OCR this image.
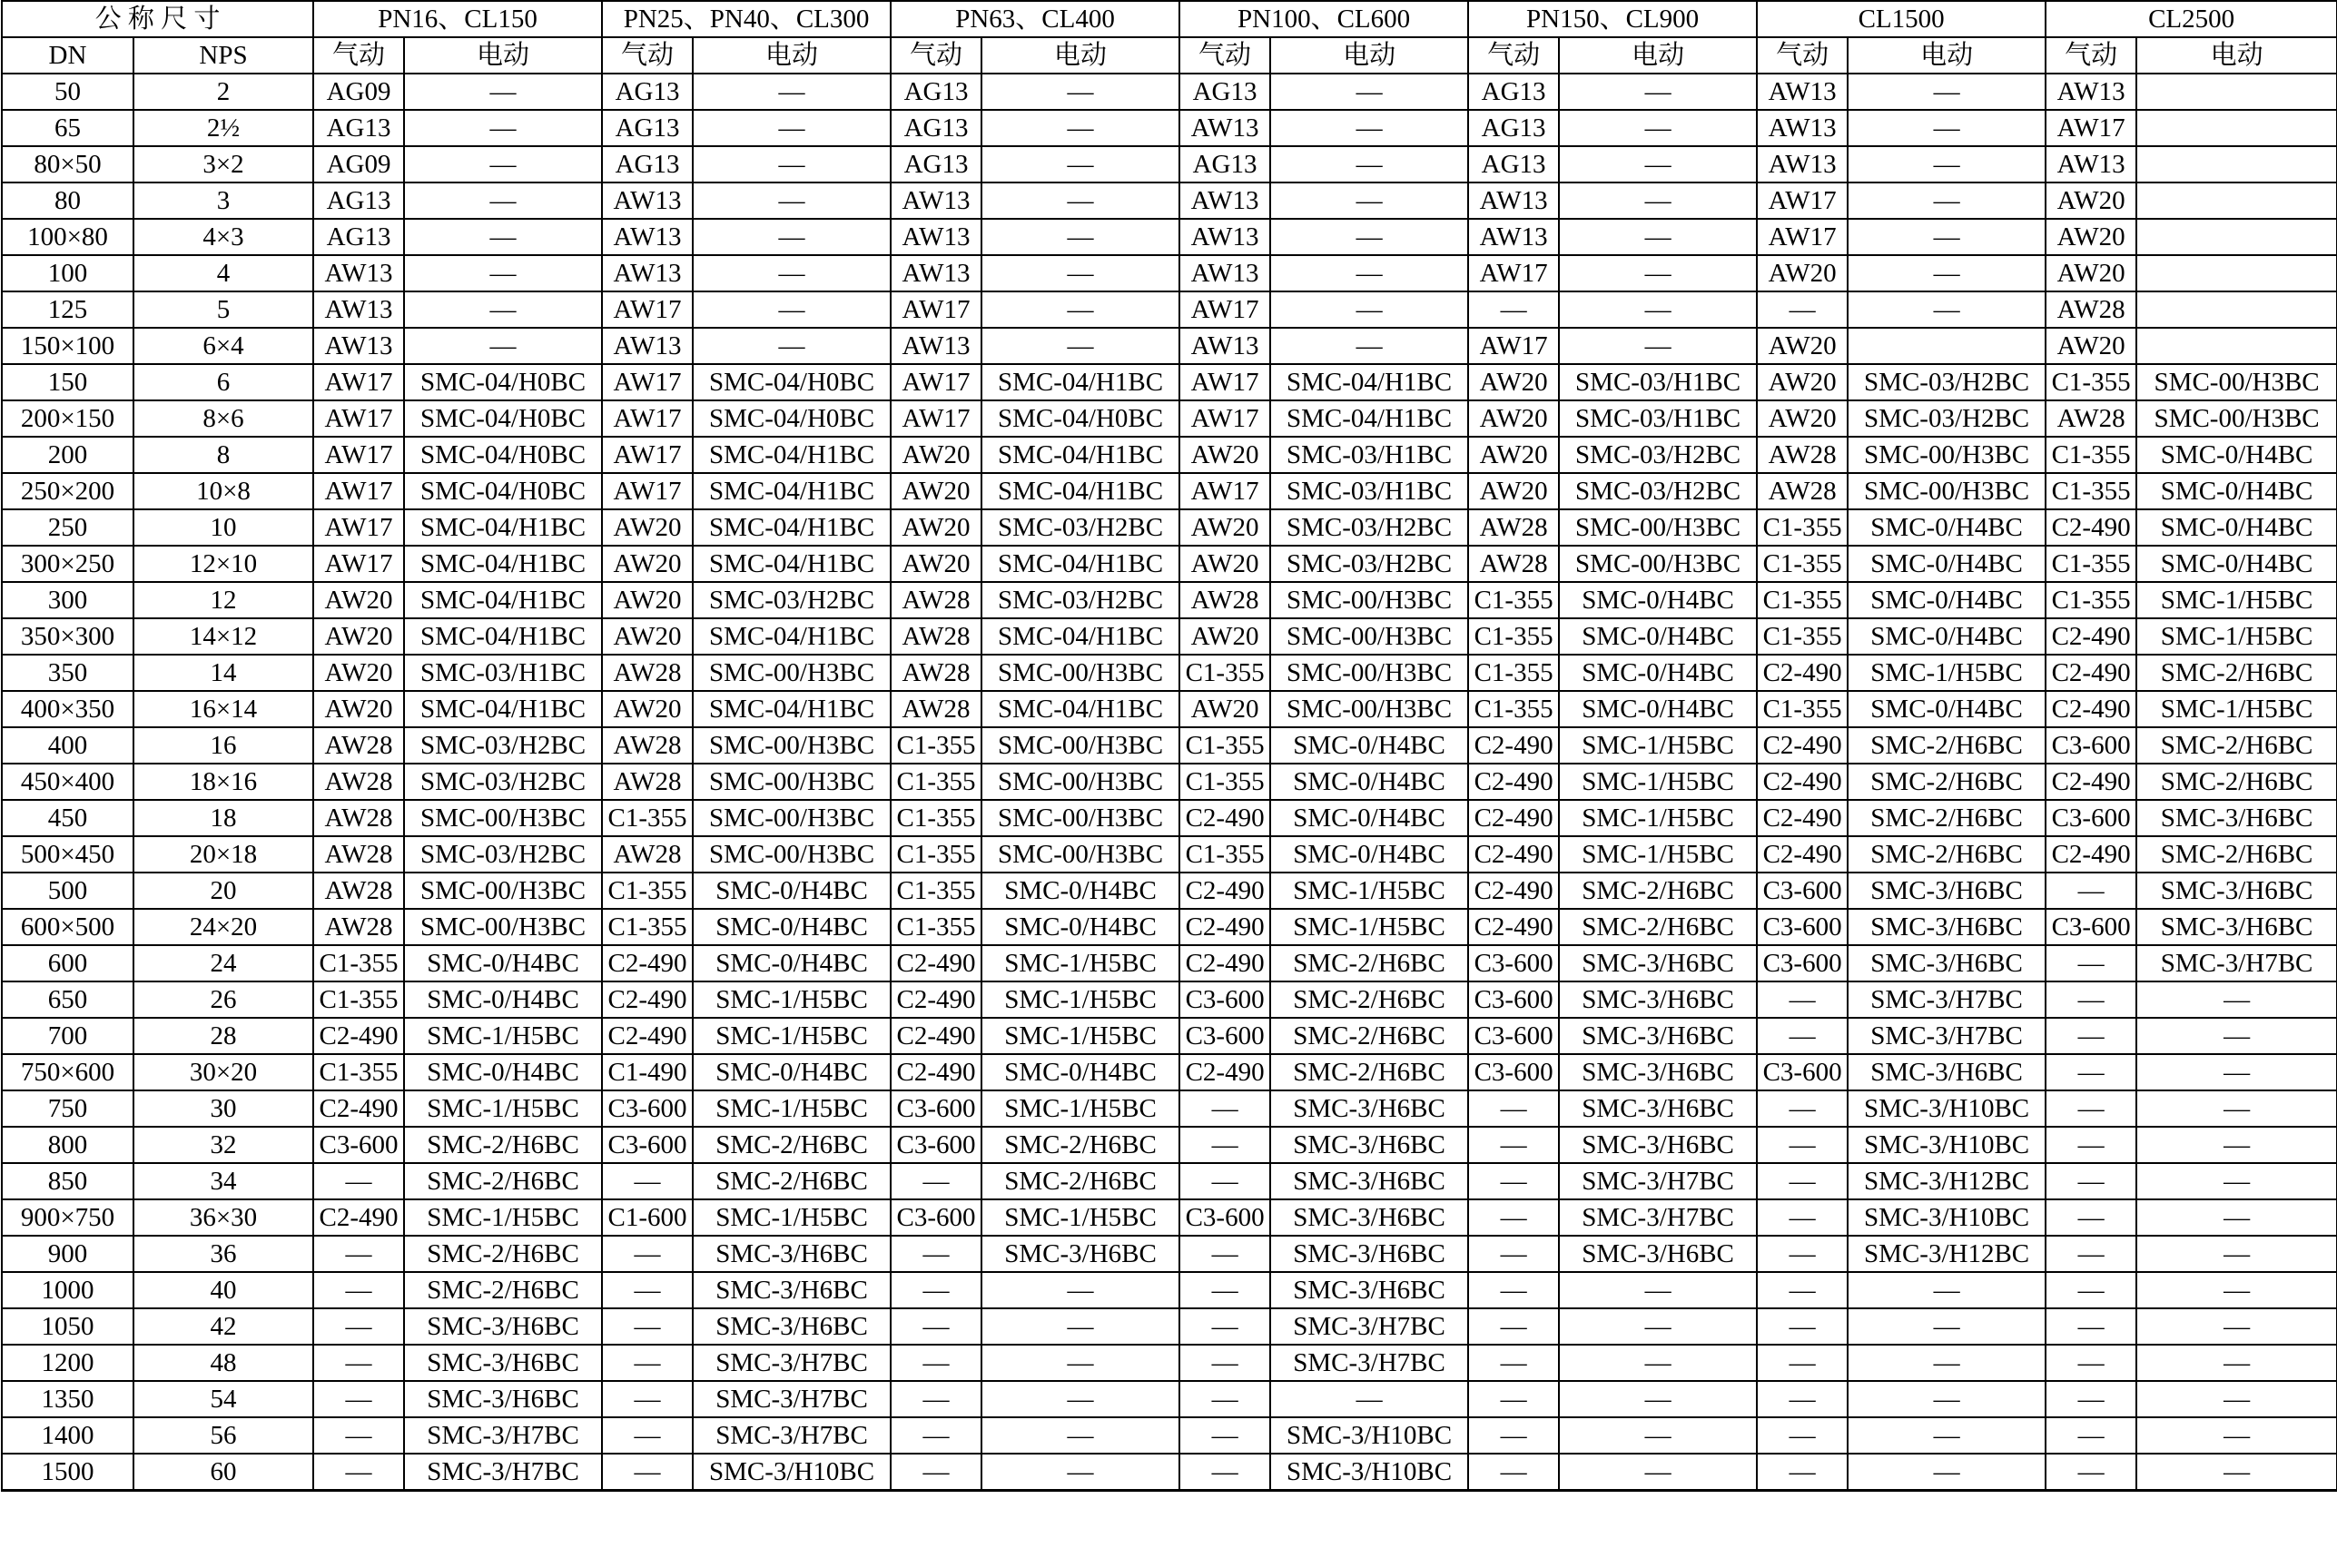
公 称 尺 寸		PN16、CL150		PN25、PN40、CL300		PN63、CL400		PN100、CL600		PN150、CL900		CL1500		CL2500	
DN	NPS	气动	电动	气动	电动	气动	电动	气动	电动	气动	电动	气动	电动	气动	电动
50	2	AG09	—	AG13	—	AG13	—	AG13	—	AG13	—	AW13	—	AW13	
65	2½	AG13	—	AG13	—	AG13	—	AW13	—	AG13	—	AW13	—	AW17	
80×50	3×2	AG09	—	AG13	—	AG13	—	AG13	—	AG13	—	AW13	—	AW13	
80	3	AG13	—	AW13	—	AW13	—	AW13	—	AW13	—	AW17	—	AW20	
100×80	4×3	AG13	—	AW13	—	AW13	—	AW13	—	AW13	—	AW17	—	AW20	
100	4	AW13	—	AW13	—	AW13	—	AW13	—	AW17	—	AW20	—	AW20	
125	5	AW13	—	AW17	—	AW17	—	AW17	—	—	—	—	—	AW28	
150×100	6×4	AW13	—	AW13	—	AW13	—	AW13	—	AW17	—	AW20		AW20	
150	6	AW17	SMC-04/H0BC	AW17	SMC-04/H0BC	AW17	SMC-04/H1BC	AW17	SMC-04/H1BC	AW20	SMC-03/H1BC	AW20	SMC-03/H2BC	C1-355	SMC-00/H3BC
200×150	8×6	AW17	SMC-04/H0BC	AW17	SMC-04/H0BC	AW17	SMC-04/H0BC	AW17	SMC-04/H1BC	AW20	SMC-03/H1BC	AW20	SMC-03/H2BC	AW28	SMC-00/H3BC
200	8	AW17	SMC-04/H0BC	AW17	SMC-04/H1BC	AW20	SMC-04/H1BC	AW20	SMC-03/H1BC	AW20	SMC-03/H2BC	AW28	SMC-00/H3BC	C1-355	SMC-0/H4BC
250×200	10×8	AW17	SMC-04/H0BC	AW17	SMC-04/H1BC	AW20	SMC-04/H1BC	AW17	SMC-03/H1BC	AW20	SMC-03/H2BC	AW28	SMC-00/H3BC	C1-355	SMC-0/H4BC
250	10	AW17	SMC-04/H1BC	AW20	SMC-04/H1BC	AW20	SMC-03/H2BC	AW20	SMC-03/H2BC	AW28	SMC-00/H3BC	C1-355	SMC-0/H4BC	C2-490	SMC-0/H4BC
300×250	12×10	AW17	SMC-04/H1BC	AW20	SMC-04/H1BC	AW20	SMC-04/H1BC	AW20	SMC-03/H2BC	AW28	SMC-00/H3BC	C1-355	SMC-0/H4BC	C1-355	SMC-0/H4BC
300	12	AW20	SMC-04/H1BC	AW20	SMC-03/H2BC	AW28	SMC-03/H2BC	AW28	SMC-00/H3BC	C1-355	SMC-0/H4BC	C1-355	SMC-0/H4BC	C1-355	SMC-1/H5BC
350×300	14×12	AW20	SMC-04/H1BC	AW20	SMC-04/H1BC	AW28	SMC-04/H1BC	AW20	SMC-00/H3BC	C1-355	SMC-0/H4BC	C1-355	SMC-0/H4BC	C2-490	SMC-1/H5BC
350	14	AW20	SMC-03/H1BC	AW28	SMC-00/H3BC	AW28	SMC-00/H3BC	C1-355	SMC-00/H3BC	C1-355	SMC-0/H4BC	C2-490	SMC-1/H5BC	C2-490	SMC-2/H6BC
400×350	16×14	AW20	SMC-04/H1BC	AW20	SMC-04/H1BC	AW28	SMC-04/H1BC	AW20	SMC-00/H3BC	C1-355	SMC-0/H4BC	C1-355	SMC-0/H4BC	C2-490	SMC-1/H5BC
400	16	AW28	SMC-03/H2BC	AW28	SMC-00/H3BC	C1-355	SMC-00/H3BC	C1-355	SMC-0/H4BC	C2-490	SMC-1/H5BC	C2-490	SMC-2/H6BC	C3-600	SMC-2/H6BC
450×400	18×16	AW28	SMC-03/H2BC	AW28	SMC-00/H3BC	C1-355	SMC-00/H3BC	C1-355	SMC-0/H4BC	C2-490	SMC-1/H5BC	C2-490	SMC-2/H6BC	C2-490	SMC-2/H6BC
450	18	AW28	SMC-00/H3BC	C1-355	SMC-00/H3BC	C1-355	SMC-00/H3BC	C2-490	SMC-0/H4BC	C2-490	SMC-1/H5BC	C2-490	SMC-2/H6BC	C3-600	SMC-3/H6BC
500×450	20×18	AW28	SMC-03/H2BC	AW28	SMC-00/H3BC	C1-355	SMC-00/H3BC	C1-355	SMC-0/H4BC	C2-490	SMC-1/H5BC	C2-490	SMC-2/H6BC	C2-490	SMC-2/H6BC
500	20	AW28	SMC-00/H3BC	C1-355	SMC-0/H4BC	C1-355	SMC-0/H4BC	C2-490	SMC-1/H5BC	C2-490	SMC-2/H6BC	C3-600	SMC-3/H6BC	—	SMC-3/H6BC
600×500	24×20	AW28	SMC-00/H3BC	C1-355	SMC-0/H4BC	C1-355	SMC-0/H4BC	C2-490	SMC-1/H5BC	C2-490	SMC-2/H6BC	C3-600	SMC-3/H6BC	C3-600	SMC-3/H6BC
600	24	C1-355	SMC-0/H4BC	C2-490	SMC-0/H4BC	C2-490	SMC-1/H5BC	C2-490	SMC-2/H6BC	C3-600	SMC-3/H6BC	C3-600	SMC-3/H6BC	—	SMC-3/H7BC
650	26	C1-355	SMC-0/H4BC	C2-490	SMC-1/H5BC	C2-490	SMC-1/H5BC	C3-600	SMC-2/H6BC	C3-600	SMC-3/H6BC	—	SMC-3/H7BC	—	—
700	28	C2-490	SMC-1/H5BC	C2-490	SMC-1/H5BC	C2-490	SMC-1/H5BC	C3-600	SMC-2/H6BC	C3-600	SMC-3/H6BC	—	SMC-3/H7BC	—	—
750×600	30×20	C1-355	SMC-0/H4BC	C1-490	SMC-0/H4BC	C2-490	SMC-0/H4BC	C2-490	SMC-2/H6BC	C3-600	SMC-3/H6BC	C3-600	SMC-3/H6BC	—	—
750	30	C2-490	SMC-1/H5BC	C3-600	SMC-1/H5BC	C3-600	SMC-1/H5BC	—	SMC-3/H6BC	—	SMC-3/H6BC	—	SMC-3/H10BC	—	—
800	32	C3-600	SMC-2/H6BC	C3-600	SMC-2/H6BC	C3-600	SMC-2/H6BC	—	SMC-3/H6BC	—	SMC-3/H6BC	—	SMC-3/H10BC	—	—
850	34	—	SMC-2/H6BC	—	SMC-2/H6BC	—	SMC-2/H6BC	—	SMC-3/H6BC	—	SMC-3/H7BC	—	SMC-3/H12BC	—	—
900×750	36×30	C2-490	SMC-1/H5BC	C1-600	SMC-1/H5BC	C3-600	SMC-1/H5BC	C3-600	SMC-3/H6BC	—	SMC-3/H7BC	—	SMC-3/H10BC	—	—
900	36	—	SMC-2/H6BC	—	SMC-3/H6BC	—	SMC-3/H6BC	—	SMC-3/H6BC	—	SMC-3/H6BC	—	SMC-3/H12BC	—	—
1000	40	—	SMC-2/H6BC	—	SMC-3/H6BC	—	—	—	SMC-3/H6BC	—	—	—	—	—	—
1050	42	—	SMC-3/H6BC	—	SMC-3/H6BC	—	—	—	SMC-3/H7BC	—	—	—	—	—	—
1200	48	—	SMC-3/H6BC	—	SMC-3/H7BC	—	—	—	SMC-3/H7BC	—	—	—	—	—	—
1350	54	—	SMC-3/H6BC	—	SMC-3/H7BC	—	—	—	—	—	—	—	—	—	—
1400	56	—	SMC-3/H7BC	—	SMC-3/H7BC	—	—	—	SMC-3/H10BC	—	—	—	—	—	—
1500	60	—	SMC-3/H7BC	—	SMC-3/H10BC	—	—	—	SMC-3/H10BC	—	—	—	—	—	—
